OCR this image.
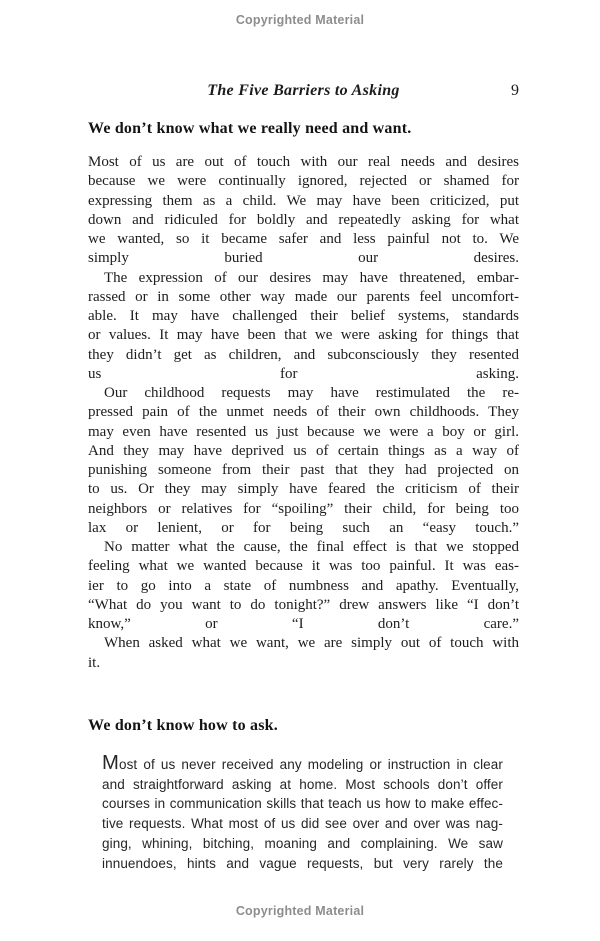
Copyrighted Material
The Five Barriers to Asking	9
We don’t know what we really need and want.
Most of us are out of touch with our real needs and desires
because we were continually ignored, rejected or shamed for
expressing them as a child. We may have been criticized, put
down and ridiculed for boldly and repeatedly asking for what
we wanted, so it became safer and less painful not to. We
simply buried our desires.
The expression of our desires may have threatened, embar-
rassed or in some other way made our parents feel uncomfort-
able. It may have challenged their belief systems, standards
or values. It may have been that we were asking for things that
they didn’t get as children, and subconsciously they resented
us for asking.
Our childhood requests may have restimulated the re-
pressed pain of the unmet needs of their own childhoods. They
may even have resented us just because we were a boy or girl.
And they may have deprived us of certain things as a way of
punishing someone from their past that they had projected on
to us. Or they may simply have feared the criticism of their
neighbors or relatives for “spoiling” their child, for being too
lax or lenient, or for being such an “easy touch.”
No matter what the cause, the final effect is that we stopped
feeling what we wanted because it was too painful. It was eas-
ier to go into a state of numbness and apathy. Eventually,
“What do you want to do tonight?” drew answers like “I don’t
know,” or “I don’t care.”
When asked what we want, we are simply out of touch with
it.
We don’t know how to ask.
Most of us never received any modeling or instruction in clear
and straightforward asking at home. Most schools don’t offer
courses in communication skills that teach us how to make effec-
tive requests. What most of us did see over and over was nag-
ging, whining, bitching, moaning and complaining. We saw
innuendoes, hints and vague requests, but very rarely the
Copyrighted Material
